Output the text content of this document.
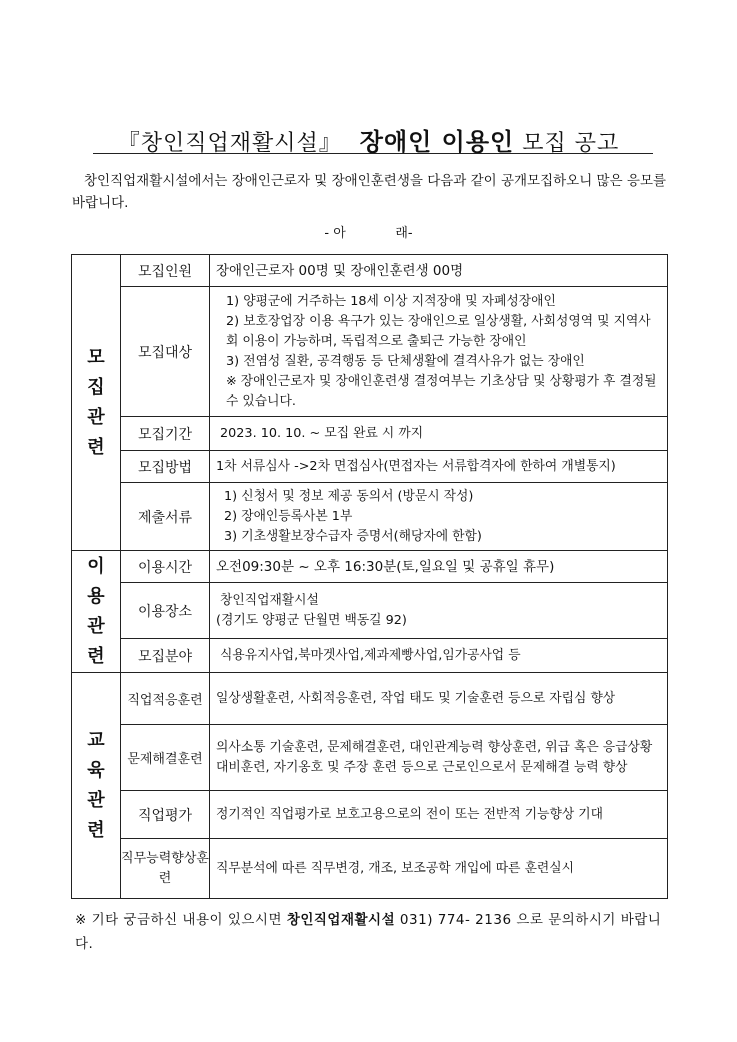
『창인직업재활시설』 장애인 이용인 모집 공고
창인직업재활시설에서는 장애인근로자 및 장애인훈련생을 다음과 같이 공개모집하오니 많은 응모를 바랍니다.
- 아            래-
모
집
관
련	모집인원	장애인근로자 00명 및 장애인훈련생 00명
	모집대상	1) 양평군에 거주하는 18세 이상 지적장애 및 자폐성장애인
2) 보호장업장 이용 욕구가 있는 장애인으로 일상생활, 사회성영역 및 지역사회 이용이 가능하며, 독립적으로 출퇴근 가능한 장애인
3) 전염성 질환, 공격행동 등 단체생활에 결격사유가 없는 장애인
※ 장애인근로자 및 장애인훈련생 결정여부는 기초상담 및 상황평가 후 결정될 수 있습니다.

	모집기간	2023. 10. 10. ~ 모집 완료 시 까지
	모집방법	1차 서류심사 ->2차 면접심사(면접자는 서류합격자에 한하여 개별통지)
	제출서류	1) 신청서 및 정보 제공 동의서 (방문시 작성)
2) 장애인등록사본 1부
3) 기초생활보장수급자 증명서(해당자에 한함)

이
용
관
련	이용시간	오전09:30분 ~ 오후 16:30분(토,일요일 및 공휴일 휴무)
	이용장소	창인직업재활시설
(경기도 양평군 단월면 백동길 92)

	모집분야	식용유지사업,북마겟사업,제과제빵사업,임가공사업 등

교
육
관
련	직업적응훈련	일상생활훈련, 사회적응훈련, 작업 태도 및 기술훈련 등으로 자립심 향상
	문제해결훈련	의사소통 기술훈련, 문제해결훈련, 대인관계능력 향상훈련, 위급 혹은 응급상황 대비훈련, 자기옹호 및 주장 훈련 등으로 근로인으로서 문제해결 능력 향상
	직업평가	정기적인 직업평가로 보호고용으로의 전이 또는 전반적 기능향상 기대
	직무능력향상훈련	직무분석에 따른 직무변경, 개조, 보조공학 개입에 따른 훈련실시
※ 기타 궁금하신 내용이 있으시면 창인직업재활시설 031) 774- 2136 으로 문의하시기 바랍니다.
